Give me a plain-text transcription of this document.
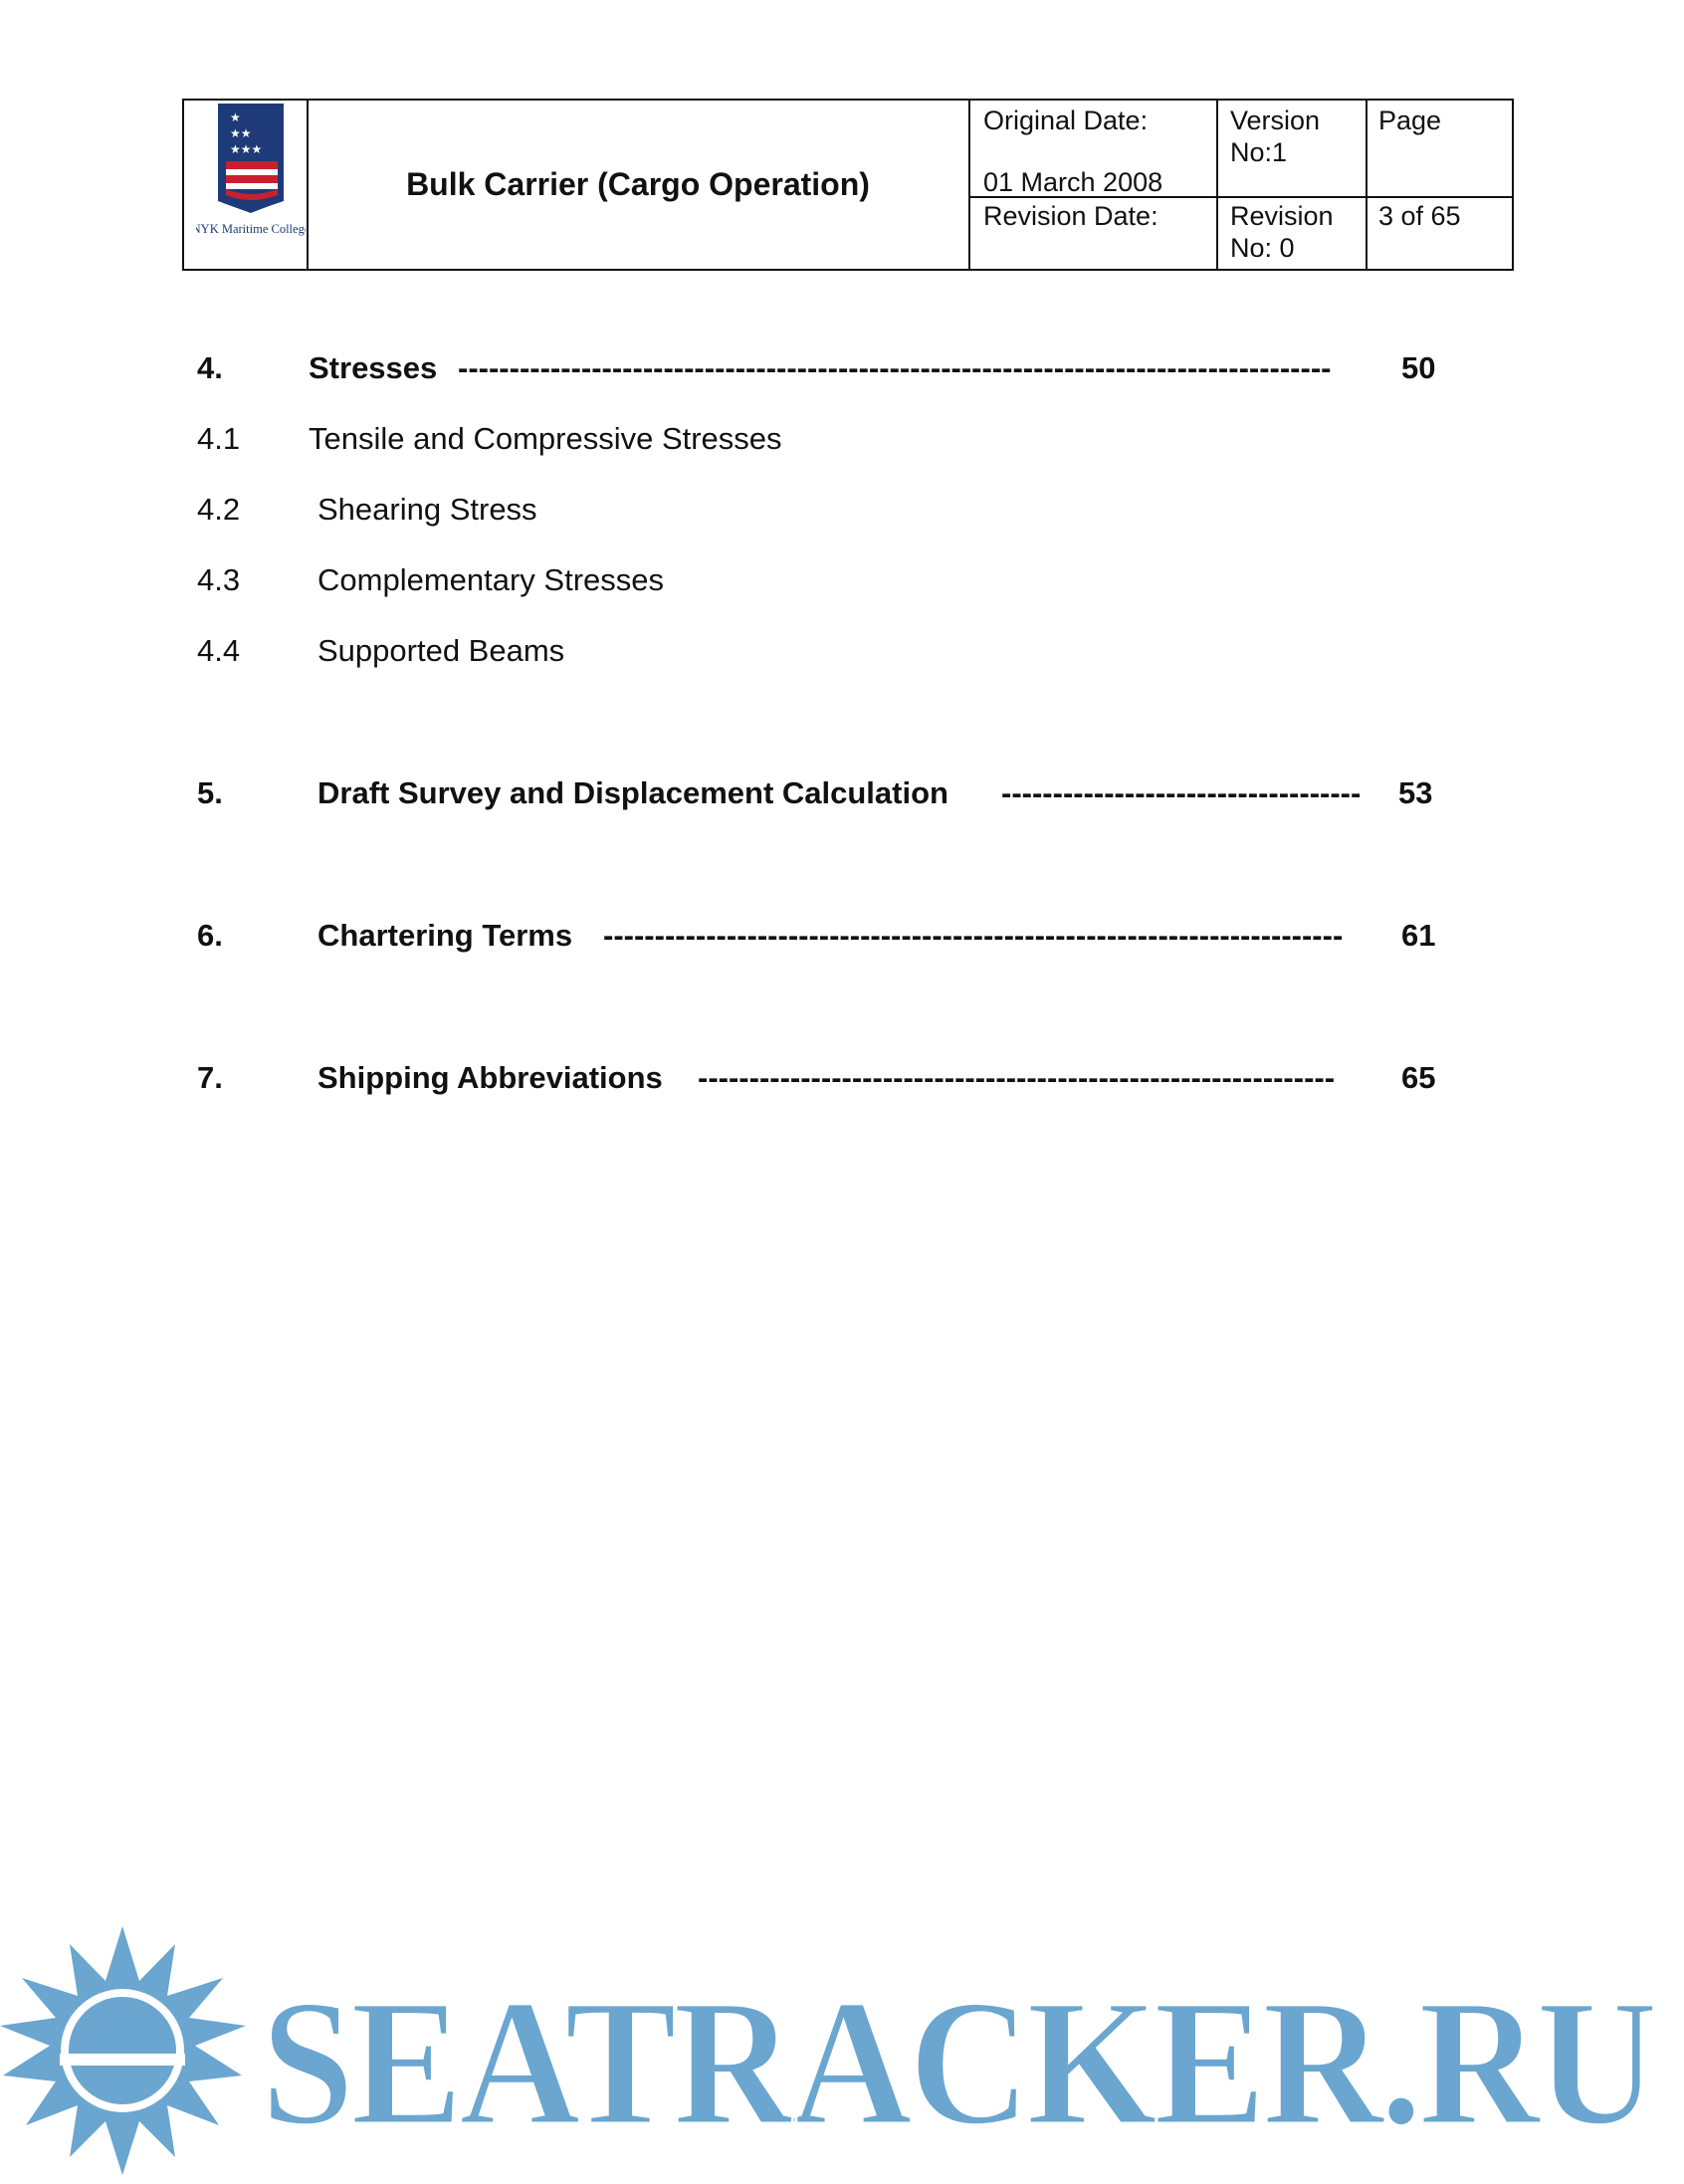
★
★★
★★★
NYK Maritime College
Bulk Carrier (Cargo Operation)
Original Date:
01 March 2008
Revision Date:
Version
No:1
Revision
No: 0
Page
3 of 65
4.	Stresses -------------------------------------------------------------------------------------	50
4.1 Tensile and Compressive Stresses
4.2	Shearing Stress
4.3	Complementary Stresses
4.4	Supported Beams
5.	Draft Survey and Displacement Calculation -----------------------------------	53
6.	Chartering Terms ------------------------------------------------------------------------	61
7.	Shipping Abbreviations --------------------------------------------------------------	65
SEATRACKER.RU
